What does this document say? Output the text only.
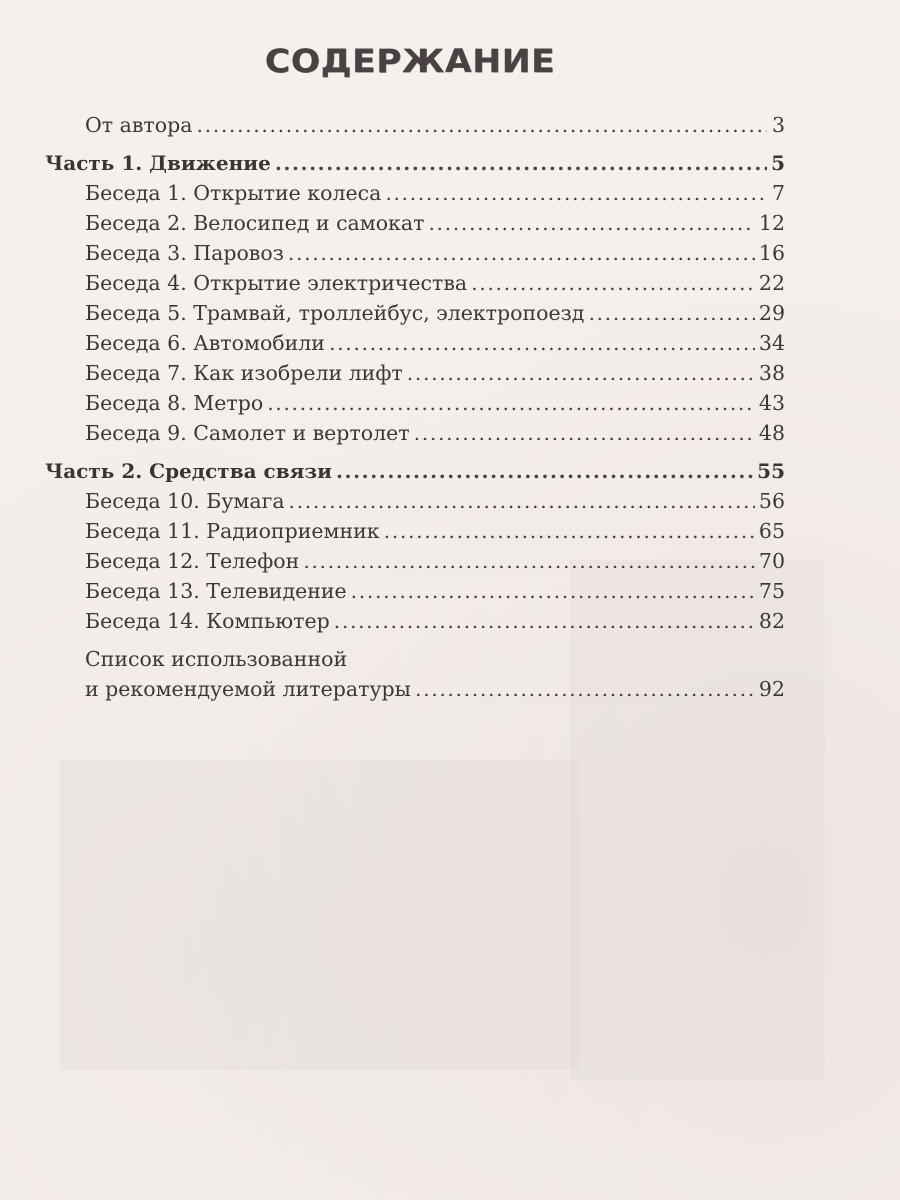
СОДЕРЖАНИЕ
От автора .....	3
Часть 1. Движение .....	5
Беседа 1. Открытие колеса .....	7
Беседа 2. Велосипед и самокат .....	12
Беседа 3. Паровоз .....	16
Беседа 4. Открытие электричества .....	22
Беседа 5. Трамвай, троллейбус, электропоезд .....	29
Беседа 6. Автомобили .....	34
Беседа 7. Как изобрели лифт .....	38
Беседа 8. Метро .....	43
Беседа 9. Самолет и вертолет .....	48
Часть 2. Средства связи .....	55
Беседа 10. Бумага .....	56
Беседа 11. Радиоприемник .....	65
Беседа 12. Телефон .....	70
Беседа 13. Телевидение .....	75
Беседа 14. Компьютер .....	82
Список использованной
и рекомендуемой литературы .....	92
